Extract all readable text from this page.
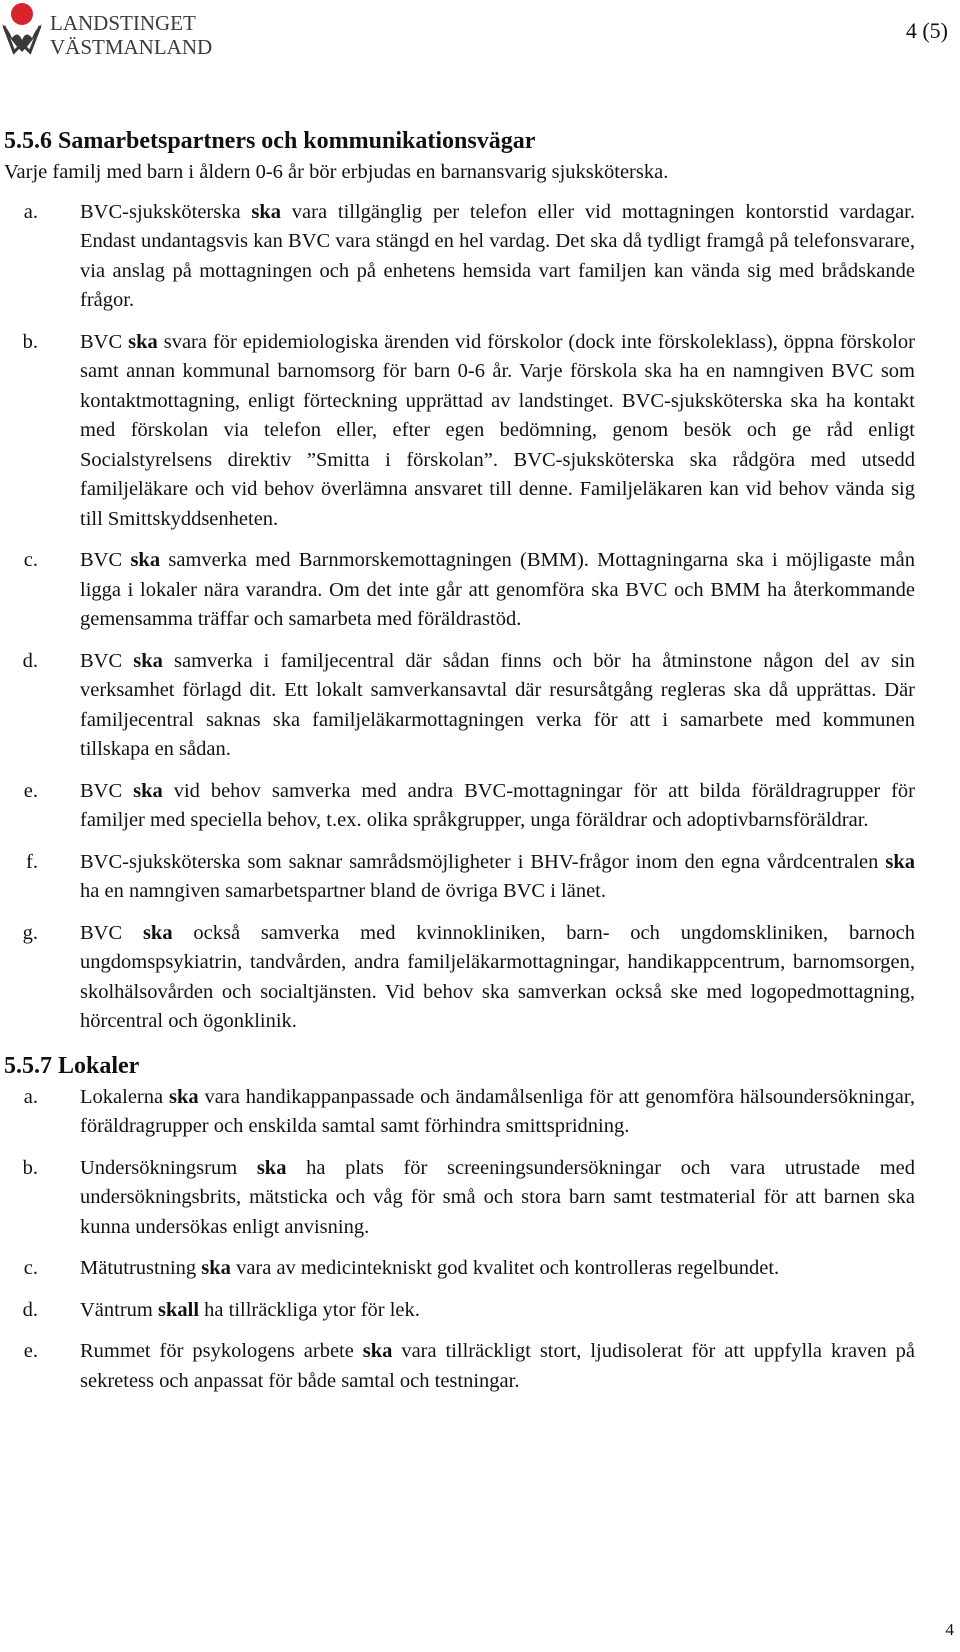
LANDSTINGET
VÄSTMANLAND
4 (5)
5.5.6 Samarbetspartners och kommunikationsvägar

Varje familj med barn i åldern 0-6 år bör erbjudas en barnansvarig sjuksköterska.

a.	BVC-sjuksköterska ska vara tillgänglig per telefon eller vid mottagningen kontorstid vardagar. Endast undantagsvis kan BVC vara stängd en hel vardag. Det ska då tydligt framgå på telefonsvarare, via anslag på mottagningen och på enhetens hemsida vart familjen kan vända sig med brådskande frågor.
b.	BVC ska svara för epidemiologiska ärenden vid förskolor (dock inte förskoleklass), öppna förskolor samt annan kommunal barnomsorg för barn 0-6 år. Varje förskola ska ha en namngiven BVC som kontaktmottagning, enligt förteckning upprättad av landstinget. BVC-sjuksköterska ska ha kontakt med förskolan via telefon eller, efter egen bedömning, genom besök och ge råd enligt Socialstyrelsens direktiv ”Smitta i förskolan”. BVC-sjuksköterska ska rådgöra med utsedd familjeläkare och vid behov överlämna ansvaret till denne. Familjeläkaren kan vid behov vända sig till Smittskyddsenheten.
c.	BVC ska samverka med Barnmorskemottagningen (BMM). Mottagningarna ska i möjligaste mån ligga i lokaler nära varandra. Om det inte går att genomföra ska BVC och BMM ha återkommande gemensamma träffar och samarbeta med föräldrastöd.
d.	BVC ska samverka i familjecentral där sådan finns och bör ha åtminstone någon del av sin verksamhet förlagd dit. Ett lokalt samverkansavtal där resursåtgång regleras ska då upprättas. Där familjecentral saknas ska familjeläkarmottagningen verka för att i samarbete med kommunen tillskapa en sådan.
e.	BVC ska vid behov samverka med andra BVC-mottagningar för att bilda föräldragrupper för familjer med speciella behov, t.ex. olika språkgrupper, unga föräldrar och adoptivbarnsföräldrar.
f.	BVC-sjuksköterska som saknar samrådsmöjligheter i BHV-frågor inom den egna vårdcentralen ska ha en namngiven samarbetspartner bland de övriga BVC i länet.
g.	BVC ska också samverka med kvinnokliniken, barn- och ungdomskliniken, barnoch ungdomspsykiatrin, tandvården, andra familjeläkarmottagningar, handikappcentrum, barnomsorgen, skolhälsovården och socialtjänsten. Vid behov ska samverkan också ske med logopedmottagning, hörcentral och ögonklinik.
5.5.7 Lokaler
a.	Lokalerna ska vara handikappanpassade och ändamålsenliga för att genomföra hälsoundersökningar, föräldragrupper och enskilda samtal samt förhindra smittspridning.
b.	Undersökningsrum ska ha plats för screeningsundersökningar och vara utrustade med undersökningsbrits, mätsticka och våg för små och stora barn samt testmaterial för att barnen ska kunna undersökas enligt anvisning.
c.	Mätutrustning ska vara av medicintekniskt god kvalitet och kontrolleras regelbundet.
d.	Väntrum skall ha tillräckliga ytor för lek.
e.	Rummet för psykologens arbete ska vara tillräckligt stort, ljudisolerat för att uppfylla kraven på sekretess och anpassat för både samtal och testningar.
4
